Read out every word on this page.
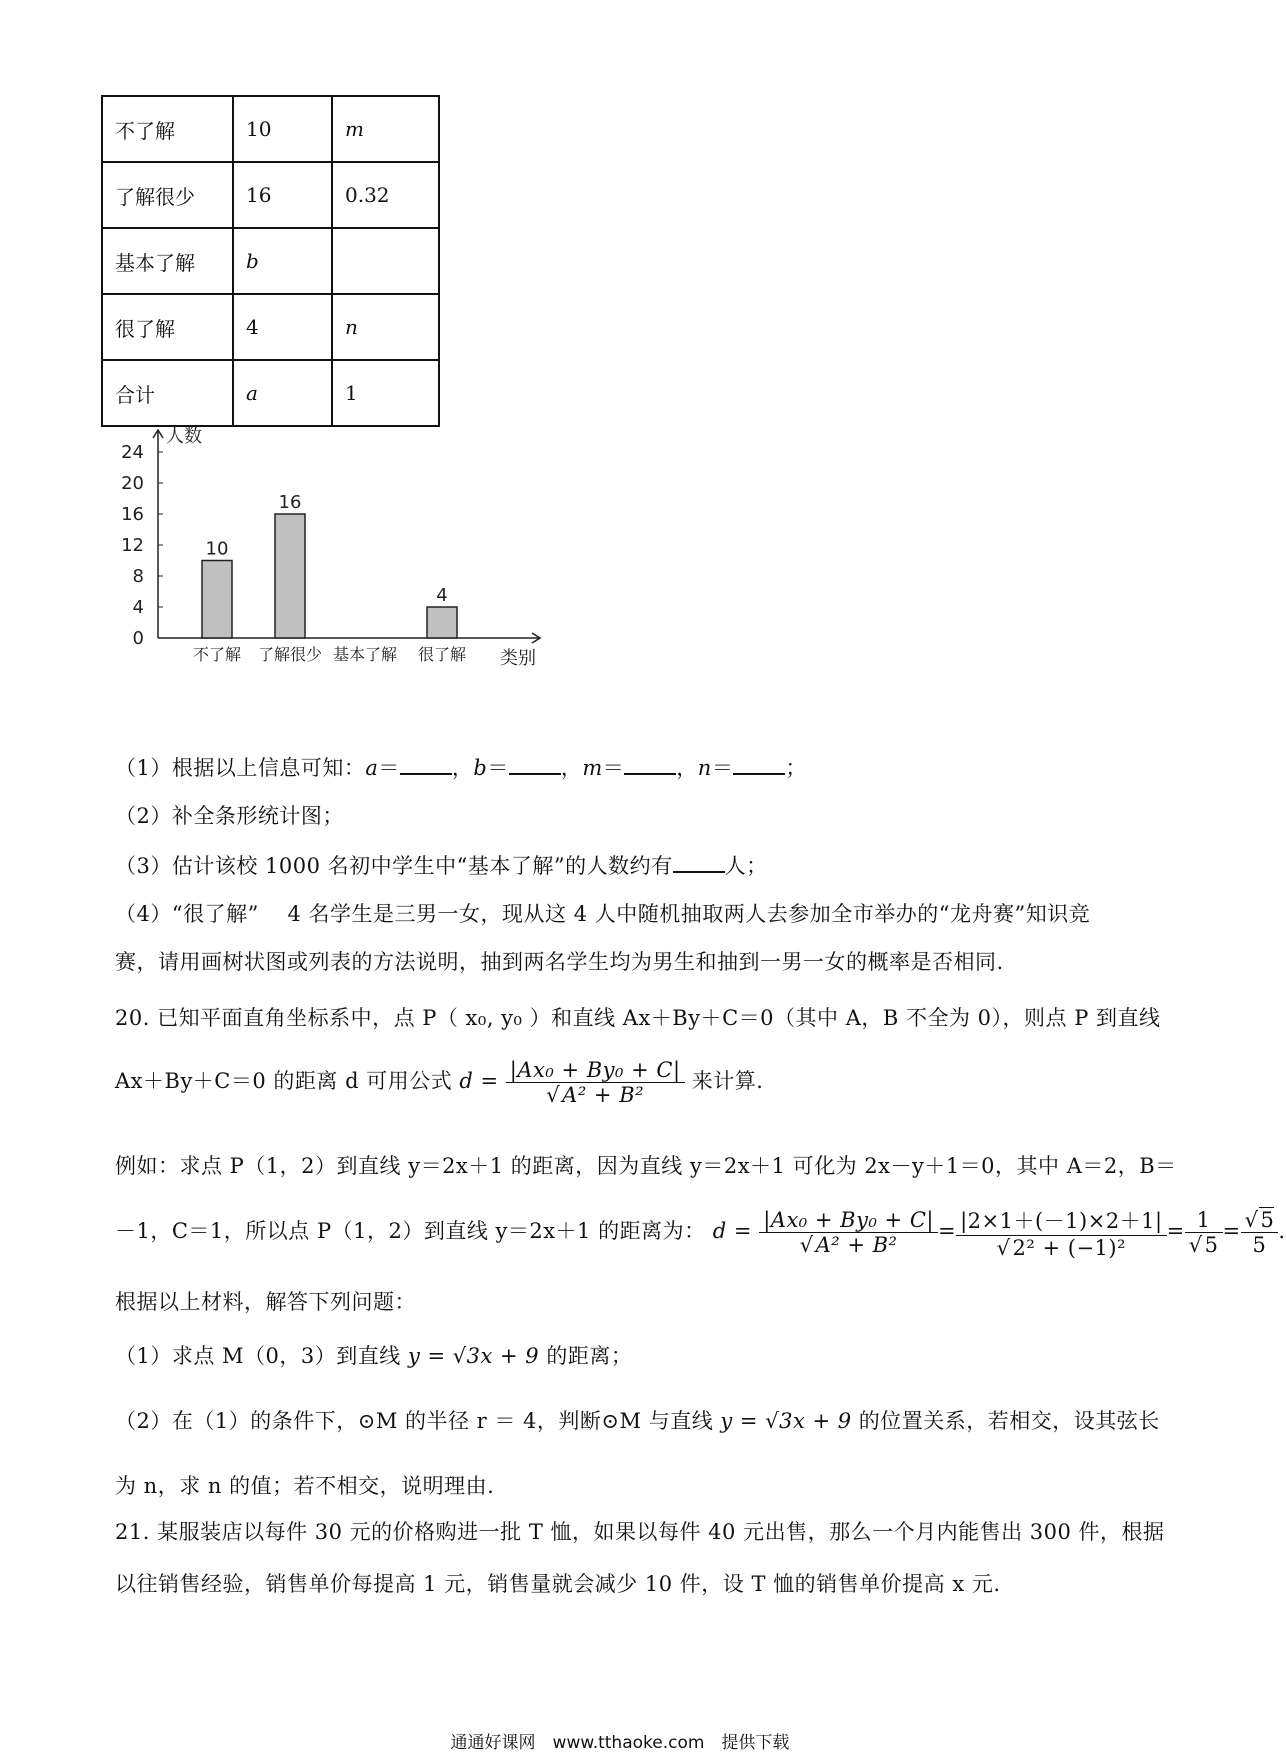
不了解	10	m
了解很少	16	0.32
基本了解	b	
很了解	4	n
合计	a	1
0
4
8
12
16
20
24
人数
类别
10
不了解
16
了解很少 基本了解
4
很了解
（1）根据以上信息可知：a＝ ，b＝ ，m＝ ，n＝ ；
（2）补全条形统计图；
（3）估计该校 1000 名初中学生中“基本了解”的人数约有 人；
（4）“很了解”　 4 名学生是三男一女，现从这 4 人中随机抽取两人去参加全市举办的“龙舟赛”知识竞
赛，请用画树状图或列表的方法说明，抽到两名学生均为男生和抽到一男一女的概率是否相同.
20. 已知平面直角坐标系中，点 P（ x₀, y₀ ）和直线 Ax＋By＋C＝0（其中 A，B 不全为 0），则点 P 到直线
Ax＋By＋C＝0 的距离 d 可用公式 $d = \frac{\text{|Ax₀ + By₀ + C|}}{\text{√A² + B²}}$ 来计算.
例如：求点 P（1，2）到直线 y＝2x＋1 的距离，因为直线 y＝2x＋1 可化为 2x－y＋1＝0，其中 A＝2，B＝
－1，C＝1，所以点 P（1，2）到直线 y＝2x＋1 的距离为： $d = \frac{\text{|Ax₀ + By₀ + C|}}{\text{√A² + B²}} = \frac{|2\times 1+(-1)\times 2+1|}{\text{√2² + (−1)²}} = \frac{1}{√5} = \frac{√5}{5}$ .
根据以上材料，解答下列问题：
（1）求点 M（0，3）到直线 y = √3x + 9 的距离；
（2）在（1）的条件下，⊙M 的半径 r ＝ 4，判断⊙M 与直线 y = √3x + 9 的位置关系，若相交，设其弦长
为 n，求 n 的值；若不相交，说明理由.
21. 某服装店以每件 30 元的价格购进一批 T 恤，如果以每件 40 元出售，那么一个月内能售出 300 件，根据
以往销售经验，销售单价每提高 1 元，销售量就会减少 10 件，设 T 恤的销售单价提高 x 元.
通通好课网　www.tthaoke.com　提供下载
